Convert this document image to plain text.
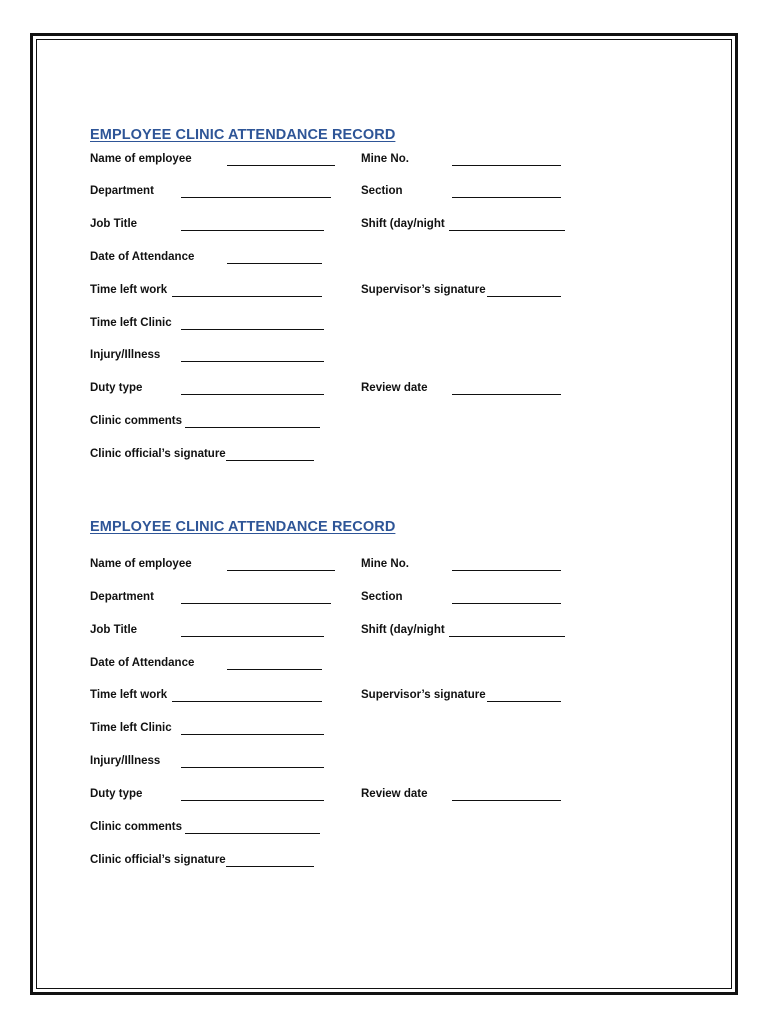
EMPLOYEE CLINIC ATTENDANCE RECORD
Name of employee	Mine No.
Department	Section
Job Title	Shift (day/night
Date of Attendance
Time left work	Supervisor’s signature
Time left Clinic
Injury/Illness
Duty type	Review date
Clinic comments
Clinic official’s signature
EMPLOYEE CLINIC ATTENDANCE RECORD
Name of employee	Mine No.
Department	Section
Job Title	Shift (day/night
Date of Attendance
Time left work	Supervisor’s signature
Time left Clinic
Injury/Illness
Duty type	Review date
Clinic comments
Clinic official’s signature
